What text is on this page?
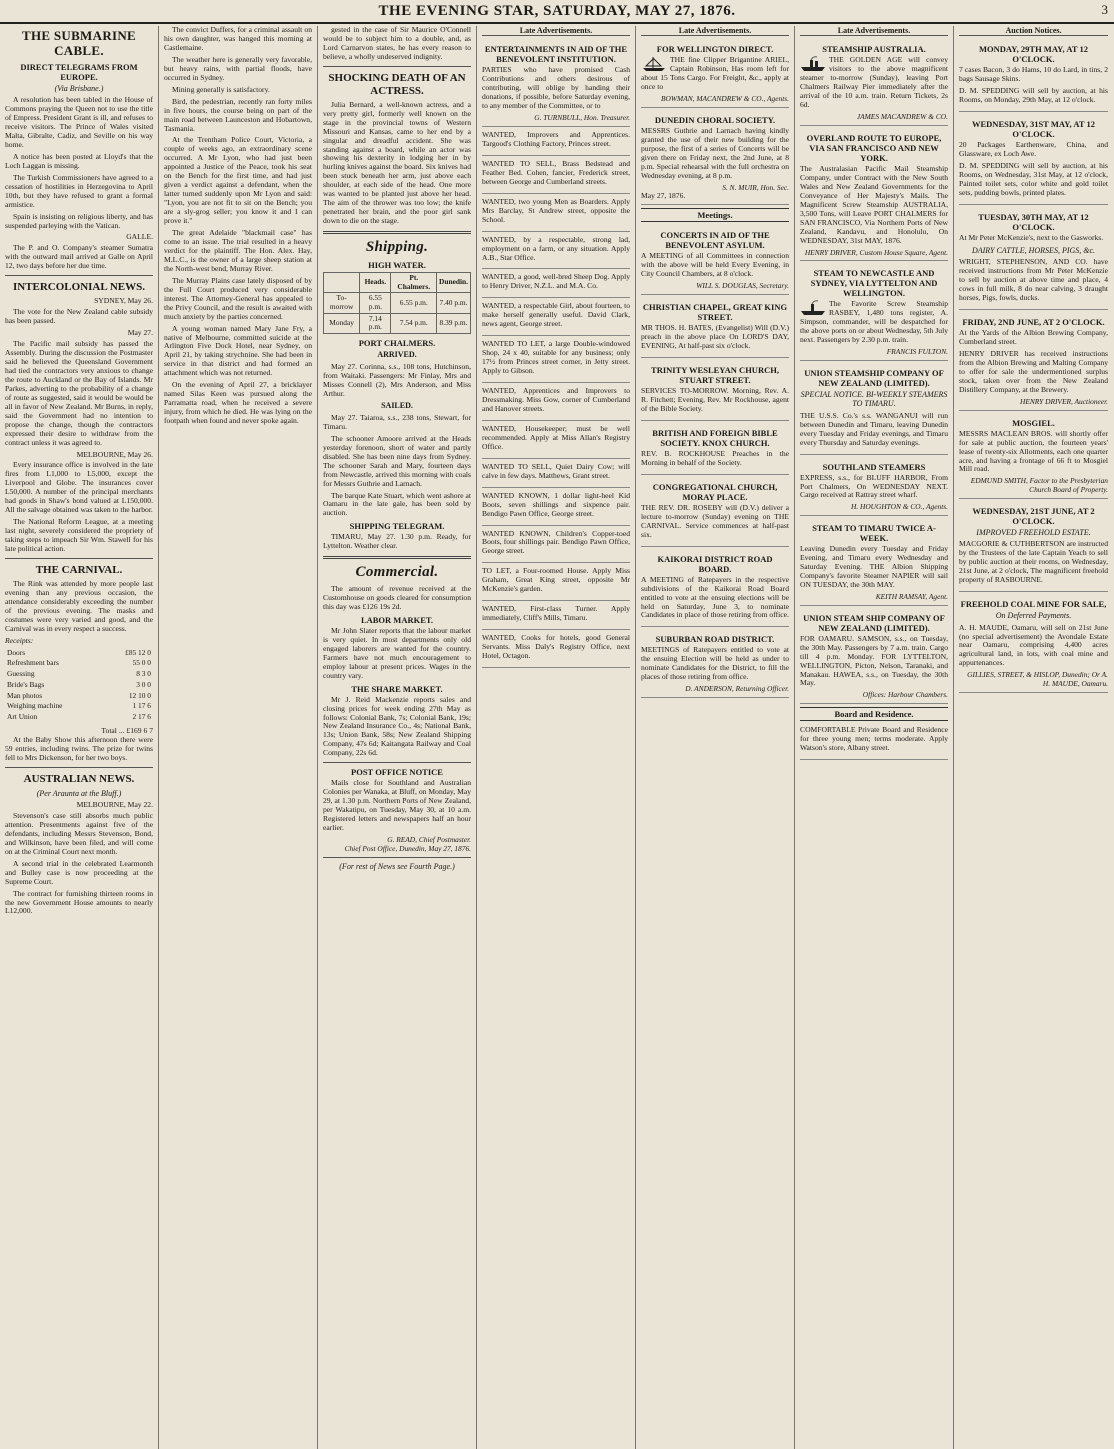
THE EVENING STAR, SATURDAY, MAY 27, 1876.	3
THE SUBMARINE CABLE.
DIRECT TELEGRAMS FROM EUROPE.
(Via Brisbane.)

A resolution has been tabled in the House of Commons praying the Queen not to use the title of Empress. President Grant is ill, and refuses to receive visitors. The Prince of Wales visited Malta, Gibralte, Cadiz, and Seville on his way home.

A notice has been posted at Lloyd's that the Loch Laggan is missing.

The Turkish Commissioners have agreed to a cessation of hostilities in Herzegovina to April 10th, but they have refused to grant a formal armistice.

Spain is insisting on religious liberty, and has suspended parleying with the Vatican.

GALLE.

The P. and O. Company's steamer Sumatra with the outward mail arrived at Galle on April 12, two days before her due time.

INTERCOLONIAL NEWS.
SYDNEY, May 26.

The vote for the New Zealand cable subsidy has been passed.

May 27.

The Pacific mail subsidy has passed the Assembly. During the discussion the Postmaster said he believed the Queensland Government had tied the contractors very anxious to change the route to Auckland or the Bay of Islands. Mr Parkes, adverting to the probability of a change of route as suggested, said it would be would be all in favor of New Zealand. Mr Burns, in reply, said the Government had no intention to propose the change, though the contractors expressed their desire to withdraw from the contract unless it was agreed to.

MELBOURNE, May 26.

Every insurance office is involved in the late fires from L1,000 to L5,000, except the Liverpool and Globe. The insurances cover L50,000. A number of the principal merchants had goods in Shaw's bond valued at L150,000. All the salvage obtained was taken to the harbor.

The National Reform League, at a meeting last night, severely considered the propriety of taking steps to impeach Sir Wm. Stawell for his late political action.

THE CARNIVAL.

The Rink was attended by more people last evening than any previous occasion, the attendance considerably exceeding the number of the previous evening. The masks and costumes were very varied and good, and the Carnival was in every respect a success.

Receipts:
Doors	£85 12 0
Refreshment bars	55 0 0
Guessing	8 3 0
Bride's Bags	3 0 0
Man photos	12 10 0
Weighing machine	1 17 6
Art Union	2 17 6
Total ... £169 6 7

At the Baby Show this afternoon there were 59 entries, including twins. The prize for twins fell to Mrs Dickenson, for her two boys.

AUSTRALIAN NEWS.
(Per Araunta at the Bluff.)
MELBOURNE, May 22.

Stevenson's case still absorbs much public attention. Presentments against five of the defendants, including Messrs Stevenson, Bond, and Wilkinson, have been filed, and will come on at the Criminal Court next month.

A second trial in the celebrated Learmonth and Bulley case is now proceeding at the Supreme Court.

The contract for furnishing thirteen rooms in the new Government House amounts to nearly L12,000.

The convict Duffers, for a criminal assault on his own daughter, was hanged this morning at Castlemaine.

The weather here is generally very favorable, but heavy rains, with partial floods, have occurred in Sydney.

Mining generally is satisfactory.

Bird, the pedestrian, recently ran forty miles in five hours, the course being on part of the main road between Launceston and Hobartown, Tasmania.

At the Trentham Police Court, Victoria, a couple of weeks ago, an extraordinary scene occurred. A Mr Lyon, who had just been appointed a Justice of the Peace, took his seat on the Bench for the first time, and had just given a verdict against a defendant, when the latter turned suddenly upon Mr Lyon and said: "Lyon, you are not fit to sit on the Bench; you are a sly-grog seller; you know it and I can prove it."

The great Adelaide "blackmail case" has come to an issue. The trial resulted in a heavy verdict for the plaintiff. The Hon. Alex. Hay, M.L.C., is the owner of a large sheep station at the North-west bend, Murray River.

The Murray Plains case lately disposed of by the Full Court produced very considerable interest. The Attorney-General has appealed to the Privy Council, and the result is awaited with much anxiety by the parties concerned.

A young woman named Mary Jane Fry, a native of Melbourne, committed suicide at the Arlington Five Dock Hotel, near Sydney, on April 21, by taking strychnine. She had been in service in that district and had formed an attachment which was not returned.

On the evening of April 27, a bricklayer named Silas Keen was pursued along the Parramatta road, when he received a severe injury, from which he died. He was lying on the footpath when found and never spoke again.

gested in the case of Sir Maurice O'Connell would be to subject him to a double, and, as Lord Carnarvon states, he has every reason to believe, a wholly undeserved indignity.

SHOCKING DEATH OF AN ACTRESS.

Julia Bernard, a well-known actress, and a very pretty girl, formerly well known on the stage in the provincial towns of Western Missouri and Kansas, came to her end by a singular and dreadful accident. She was standing against a board, while an actor was showing his dexterity in lodging her in by hurling knives against the board. Six knives had been stuck beneath her arm, just above each shoulder, at each side of the head. One more was wanted to be planted just above her head. The aim of the thrower was too low; the knife penetrated her brain, and the poor girl sank down to die on the stage.

Shipping.
HIGH WATER.
	Heads.	Pt. Chalmers.	Dunedin.
To-morrow	6.55 p.m.	6.55 p.m.	7.40 p.m.
Monday	7.14 p.m.	7.54 p.m.	8.39 p.m.
PORT CHALMERS.
ARRIVED.

May 27. Corinna, s.s., 108 tons, Hutchinson, from Waitaki. Passengers: Mr Finlay, Mrs and Misses Connell (2), Mrs Anderson, and Miss Arthur.

SAILED.

May 27. Taiaroa, s.s., 238 tons, Stewart, for Timaru.

The schooner Amoore arrived at the Heads yesterday forenoon, short of water and partly disabled. She has been nine days from Sydney. The schooner Sarah and Mary, fourteen days from Newcastle, arrived this morning with coals for Messrs Guthrie and Larnach.

The barque Kate Stuart, which went ashore at Oamaru in the late gale, has been sold by auction.

SHIPPING TELEGRAM.

TIMARU, May 27. 1.30 p.m. Ready, for Lyttelton. Weather clear.

Commercial.

The amount of revenue received at the Customhouse on goods cleared for consumption this day was £126 19s 2d.

LABOR MARKET.

Mr John Slater reports that the labour market is very quiet. In most departments only old engaged laborers are wanted for the country. Farmers have not much encouragement to employ labour at present prices. Wages in the country vary.

THE SHARE MARKET.

Mr J. Reid Mackenzie reports sales and closing prices for week ending 27th May as follows: Colonial Bank, 7s; Colonial Bank, 19s; New Zealand Insurance Co., 4s; National Bank, 13s; Union Bank, 58s; New Zealand Shipping Company, 47s 6d; Kaitangata Railway and Coal Company, 22s 6d.

POST OFFICE NOTICE

Mails close for Southland and Australian Colonies per Wanaka, at Bluff, on Monday, May 29, at 1.30 p.m. Northern Ports of New Zealand, per Wakatipu, on Tuesday, May 30, at 10 a.m. Registered letters and newspapers half an hour earlier.

G. READ, Chief Postmaster.
Chief Post Office, Dunedin, May 27, 1876.
(For rest of News see Fourth Page.)
Late Advertisements.
ENTERTAINMENTS IN AID OF THE BENEVOLENT INSTITUTION.

PARTIES who have promised Cash Contributions and others desirous of contributing, will oblige by handing their donations, if possible, before Saturday evening, to any member of the Committee, or to

G. TURNBULL, Hon. Treasurer.

WANTED, Improvers and Apprentices. Targood's Clothing Factory, Princes street.

WANTED TO SELL, Brass Bedstead and Feather Bed. Cohen, fancier, Frederick street, between George and Cumberland streets.

WANTED, two young Men as Boarders. Apply Mrs Barclay, St Andrew street, opposite the School.

WANTED, by a respectable, strong lad, employment on a farm, or any situation. Apply A.B., Star Office.

WANTED, a good, well-bred Sheep Dog. Apply to Henry Driver, N.Z.L. and M.A. Co.

WANTED, a respectable Girl, about fourteen, to make herself generally useful. David Clark, news agent, George street.

WANTED TO LET, a large Double-windowed Shop, 24 x 40, suitable for any business; only 17½ from Princes street corner, in Jetty street. Apply to Gibson.

WANTED, Apprentices and Improvers to Dressmaking. Miss Gow, corner of Cumberland and Hanover streets.

WANTED, Housekeeper; must be well recommended. Apply at Miss Allan's Registry Office.

WANTED TO SELL, Quiet Dairy Cow; will calve in few days. Matthews, Grant street.

WANTED KNOWN, 1 dollar light-heel Kid Boots, seven shillings and sixpence pair. Bendigo Pawn Office, George street.

WANTED KNOWN, Children's Copper-toed Boots, four shillings pair. Bendigo Pawn Office, George street.

TO LET, a Four-roomed House. Apply Miss Graham, Great King street, opposite Mr McKenzie's garden.

WANTED, First-class Turner. Apply immediately, Cliff's Mills, Timaru.

WANTED, Cooks for hotels, good General Servants. Miss Daly's Registry Office, next Hotel, Octagon.

Late Advertisements.
FOR WELLINGTON DIRECT.

THE fine Clipper Brigantine ARIEL, Captain Robinson, Has room left for about 15 Tons Cargo. For Freight, &c., apply at once to

BOWMAN, MACANDREW & CO., Agents.
DUNEDIN CHORAL SOCIETY.

MESSRS Guthrie and Larnach having kindly granted the use of their new building for the purpose, the first of a series of Concerts will be given there on Friday next, the 2nd June, at 8 p.m. Special rehearsal with the full orchestra on Wednesday evening, at 8 p.m.

S. N. MUIR, Hon. Sec.
May 27, 1876.
Meetings.
CONCERTS IN AID OF THE BENEVOLENT ASYLUM.

A MEETING of all Committees in connection with the above will be held Every Evening, in City Council Chambers, at 8 o'clock.

WILL S. DOUGLAS, Secretary.
CHRISTIAN CHAPEL, GREAT KING STREET.

MR THOS. H. BATES, (Evangelist) Will (D.V.) preach in the above place On LORD'S DAY, EVENING, At half-past six o'clock.

TRINITY WESLEYAN CHURCH, STUART STREET.

SERVICES TO-MORROW. Morning, Rev. A. R. Fitchett; Evening, Rev. Mr Rockhouse, agent of the Bible Society.

BRITISH AND FOREIGN BIBLE SOCIETY. KNOX CHURCH.

REV. B. ROCKHOUSE Preaches in the Morning in behalf of the Society.

CONGREGATIONAL CHURCH, MORAY PLACE.

THE REV. DR. ROSEBY will (D.V.) deliver a lecture to-morrow (Sunday) evening on THE CARNIVAL. Service commences at half-past six.

KAIKORAI DISTRICT ROAD BOARD.

A MEETING of Ratepayers in the respective subdivisions of the Kaikorai Road Board entitled to vote at the ensuing elections will be held on Saturday, June 3, to nominate Candidates in place of those retiring from office.

SUBURBAN ROAD DISTRICT.

MEETINGS of Ratepayers entitled to vote at the ensuing Election will be held as under to nominate Candidates for the District, to fill the places of those retiring from office.

D. ANDERSON, Returning Officer.
Late Advertisements.
STEAMSHIP AUSTRALIA.

THE GOLDEN AGE will convey visitors to the above magnificent steamer to-morrow (Sunday), leaving Port Chalmers Railway Pier immediately after the arrival of the 10 a.m. train. Return Tickets, 2s 6d.

JAMES MACANDREW & CO.
OVERLAND ROUTE TO EUROPE, VIA SAN FRANCISCO AND NEW YORK.

The Australasian Pacific Mail Steamship Company, under Contract with the New South Wales and New Zealand Governments for the Conveyance of Her Majesty's Mails. The Magnificent Screw Steamship AUSTRALIA, 3,500 Tons, will Leave PORT CHALMERS for SAN FRANCISCO, Via Northern Ports of New Zealand, Kandavu, and Honolulu, On WEDNESDAY, 31st MAY, 1876.

HENRY DRIVER, Custom House Square, Agent.
STEAM TO NEWCASTLE AND SYDNEY, VIA LYTTELTON AND WELLINGTON.

The Favorite Screw Steamship RASBEY, 1,480 tons register, A. Simpson, commander, will be despatched for the above ports on or about Wednesday, 5th July next. Passengers by 2.30 p.m. train.

FRANCIS FULTON.
UNION STEAMSHIP COMPANY OF NEW ZEALAND (LIMITED).
SPECIAL NOTICE. BI-WEEKLY STEAMERS TO TIMARU.

THE U.S.S. Co.'s s.s. WANGANUI will run between Dunedin and Timaru, leaving Dunedin every Tuesday and Friday evenings, and Timaru every Thursday and Saturday evenings.

SOUTHLAND STEAMERS

EXPRESS, s.s., for BLUFF HARBOR, From Port Chalmers, On WEDNESDAY NEXT. Cargo received at Rattray street wharf.

H. HOUGHTON & CO., Agents.
STEAM TO TIMARU TWICE A-WEEK.

Leaving Dunedin every Tuesday and Friday Evening, and Timaru every Wednesday and Saturday Evening. THE Albion Shipping Company's favorite Steamer NAPIER will sail ON TUESDAY, the 30th MAY.

KEITH RAMSAY, Agent.
UNION STEAM SHIP COMPANY OF NEW ZEALAND (LIMITED).

FOR OAMARU. SAMSON, s.s., on Tuesday, the 30th May. Passengers by 7 a.m. train. Cargo till 4 p.m. Monday. FOR LYTTELTON, WELLINGTON, Picton, Nelson, Taranaki, and Manakau. HAWEA, s.s., on Tuesday, the 30th May.

Offices: Harbour Chambers.
Board and Residence.

COMFORTABLE Private Board and Residence for three young men; terms moderate. Apply Watson's store, Albany street.

Auction Notices.
MONDAY, 29TH MAY, AT 12 O'CLOCK.

7 cases Bacon, 3 do Hams, 10 do Lard, in tins, 2 bags Sausage Skins.

D. M. SPEDDING will sell by auction, at his Rooms, on Monday, 29th May, at 12 o'clock.

WEDNESDAY, 31ST MAY, AT 12 O'CLOCK.

20 Packages Earthenware, China, and Glassware, ex Loch Awe.

D. M. SPEDDING will sell by auction, at his Rooms, on Wednesday, 31st May, at 12 o'clock, Painted toilet sets, color white and gold toilet sets, pudding bowls, printed plates.

TUESDAY, 30TH MAY, AT 12 O'CLOCK.

At Mr Peter McKenzie's, next to the Gasworks.

DAIRY CATTLE, HORSES, PIGS, &c.

WRIGHT, STEPHENSON, AND CO. have received instructions from Mr Peter McKenzie to sell by auction at above time and place, 4 cows in full milk, 8 do near calving, 3 draught horses, Pigs, fowls, ducks.

FRIDAY, 2ND JUNE, AT 2 O'CLOCK.

At the Yards of the Albion Brewing Company, Cumberland street.

HENRY DRIVER has received instructions from the Albion Brewing and Malting Company to offer for sale the undermentioned surplus stock, taken over from the New Zealand Distillery Company, at the Brewery.

HENRY DRIVER, Auctioneer.
MOSGIEL.

MESSRS MACLEAN BROS. will shortly offer for sale at public auction, the fourteen years' lease of twenty-six Allotments, each one quarter acre, and having a frontage of 66 ft to Mosgiel Mill road.

EDMUND SMITH, Factor to the Presbyterian Church Board of Property.
WEDNESDAY, 21ST JUNE, AT 2 O'CLOCK.
IMPROVED FREEHOLD ESTATE.

MACGORIE & CUTHBERTSON are instructed by the Trustees of the late Captain Yeach to sell by public auction at their rooms, on Wednesday, 21st June, at 2 o'clock, The magnificent freehold property of RASBOURNE.

FREEHOLD COAL MINE FOR SALE,
On Deferred Payments.

A. H. MAUDE, Oamaru, will sell on 21st June (no special advertisement) the Avondale Estate near Oamaru, comprising 4,400 acres agricultural land, in lots, with coal mine and appurtenances.

GILLIES, STREET, & HISLOP, Dunedin; Or A. H. MAUDE, Oamaru.
